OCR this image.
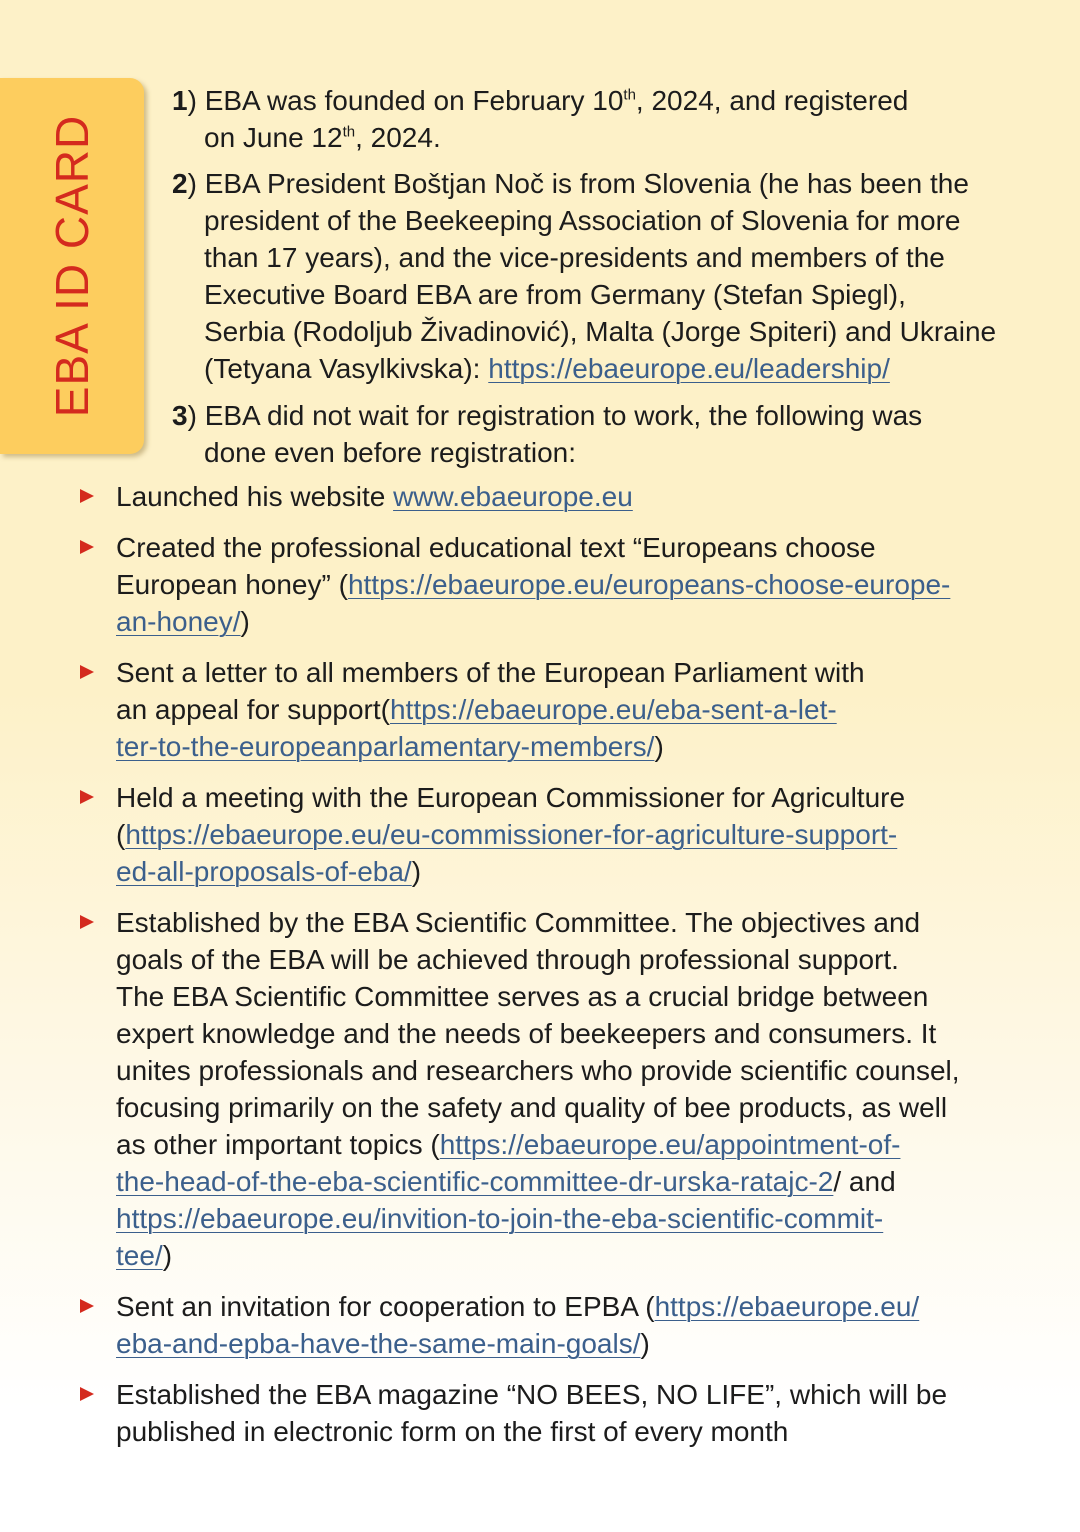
EBA ID CARD
1) EBA was founded on February 10th, 2024, and registered
on June 12th, 2024.
2) EBA President Boštjan Noč is from Slovenia (he has been the
president of the Beekeeping Association of Slovenia for more
than 17 years), and the vice-presidents and members of the
Executive Board EBA are from Germany (Stefan Spiegl),
Serbia (Rodoljub Živadinović), Malta (Jorge Spiteri) and Ukraine
(Tetyana Vasylkivska): https://ebaeurope.eu/leadership/
3) EBA did not wait for registration to work, the following was
done even before registration:
Launched his website www.ebaeurope.eu
Created the professional educational text “Europeans choose
European honey” (https://ebaeurope.eu/europeans-choose-europe-
an-honey/)
Sent a letter to all members of the European Parliament with
an appeal for support(https://ebaeurope.eu/eba-sent-a-let-
ter-to-the-europeanparlamentary-members/)
Held a meeting with the European Commissioner for Agriculture
(https://ebaeurope.eu/eu-commissioner-for-agriculture-support-
ed-all-proposals-of-eba/)
Established by the EBA Scientific Committee. The objectives and
goals of the EBA will be achieved through professional support.
The EBA Scientific Committee serves as a crucial bridge between
expert knowledge and the needs of beekeepers and consumers. It
unites professionals and researchers who provide scientific counsel,
focusing primarily on the safety and quality of bee products, as well
as other important topics (https://ebaeurope.eu/appointment-of-
the-head-of-the-eba-scientific-committee-dr-urska-ratajc-2/ and
https://ebaeurope.eu/invition-to-join-the-eba-scientific-commit-
tee/)
Sent an invitation for cooperation to EPBA (https://ebaeurope.eu/
eba-and-epba-have-the-same-main-goals/)
Established the EBA magazine “NO BEES, NO LIFE”, which will be
published in electronic form on the first of every month
